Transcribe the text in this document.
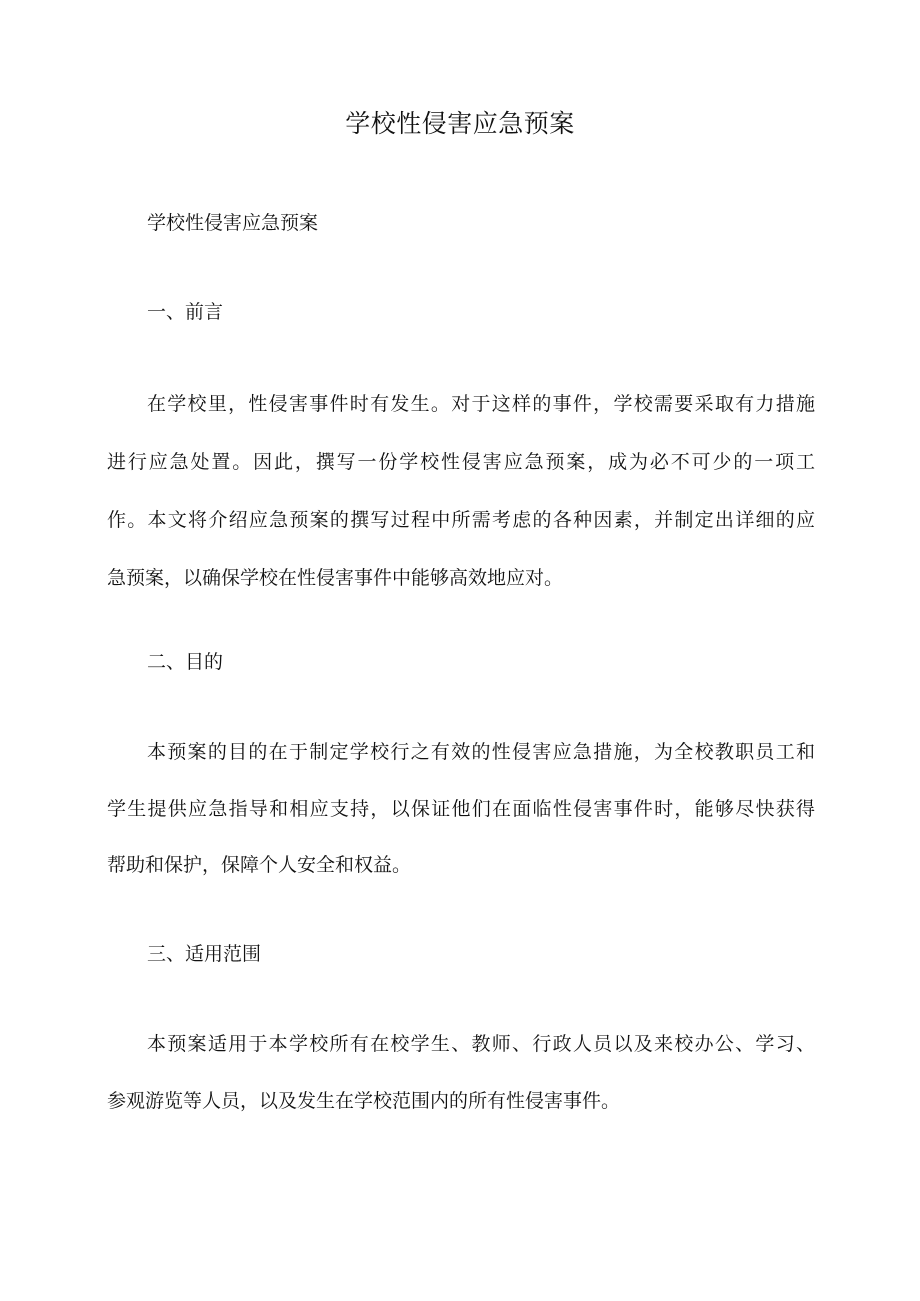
学校性侵害应急预案

学校性侵害应急预案

一、前言

在学校里，性侵害事件时有发生。对于这样的事件，学校需要采取有力措施

进行应急处置。因此，撰写一份学校性侵害应急预案，成为必不可少的一项工

作。本文将介绍应急预案的撰写过程中所需考虑的各种因素，并制定出详细的应

急预案，以确保学校在性侵害事件中能够高效地应对。

二、目的

本预案的目的在于制定学校行之有效的性侵害应急措施，为全校教职员工和

学生提供应急指导和相应支持，以保证他们在面临性侵害事件时，能够尽快获得

帮助和保护，保障个人安全和权益。

三、适用范围

本预案适用于本学校所有在校学生、教师、行政人员以及来校办公、学习、

参观游览等人员，以及发生在学校范围内的所有性侵害事件。
